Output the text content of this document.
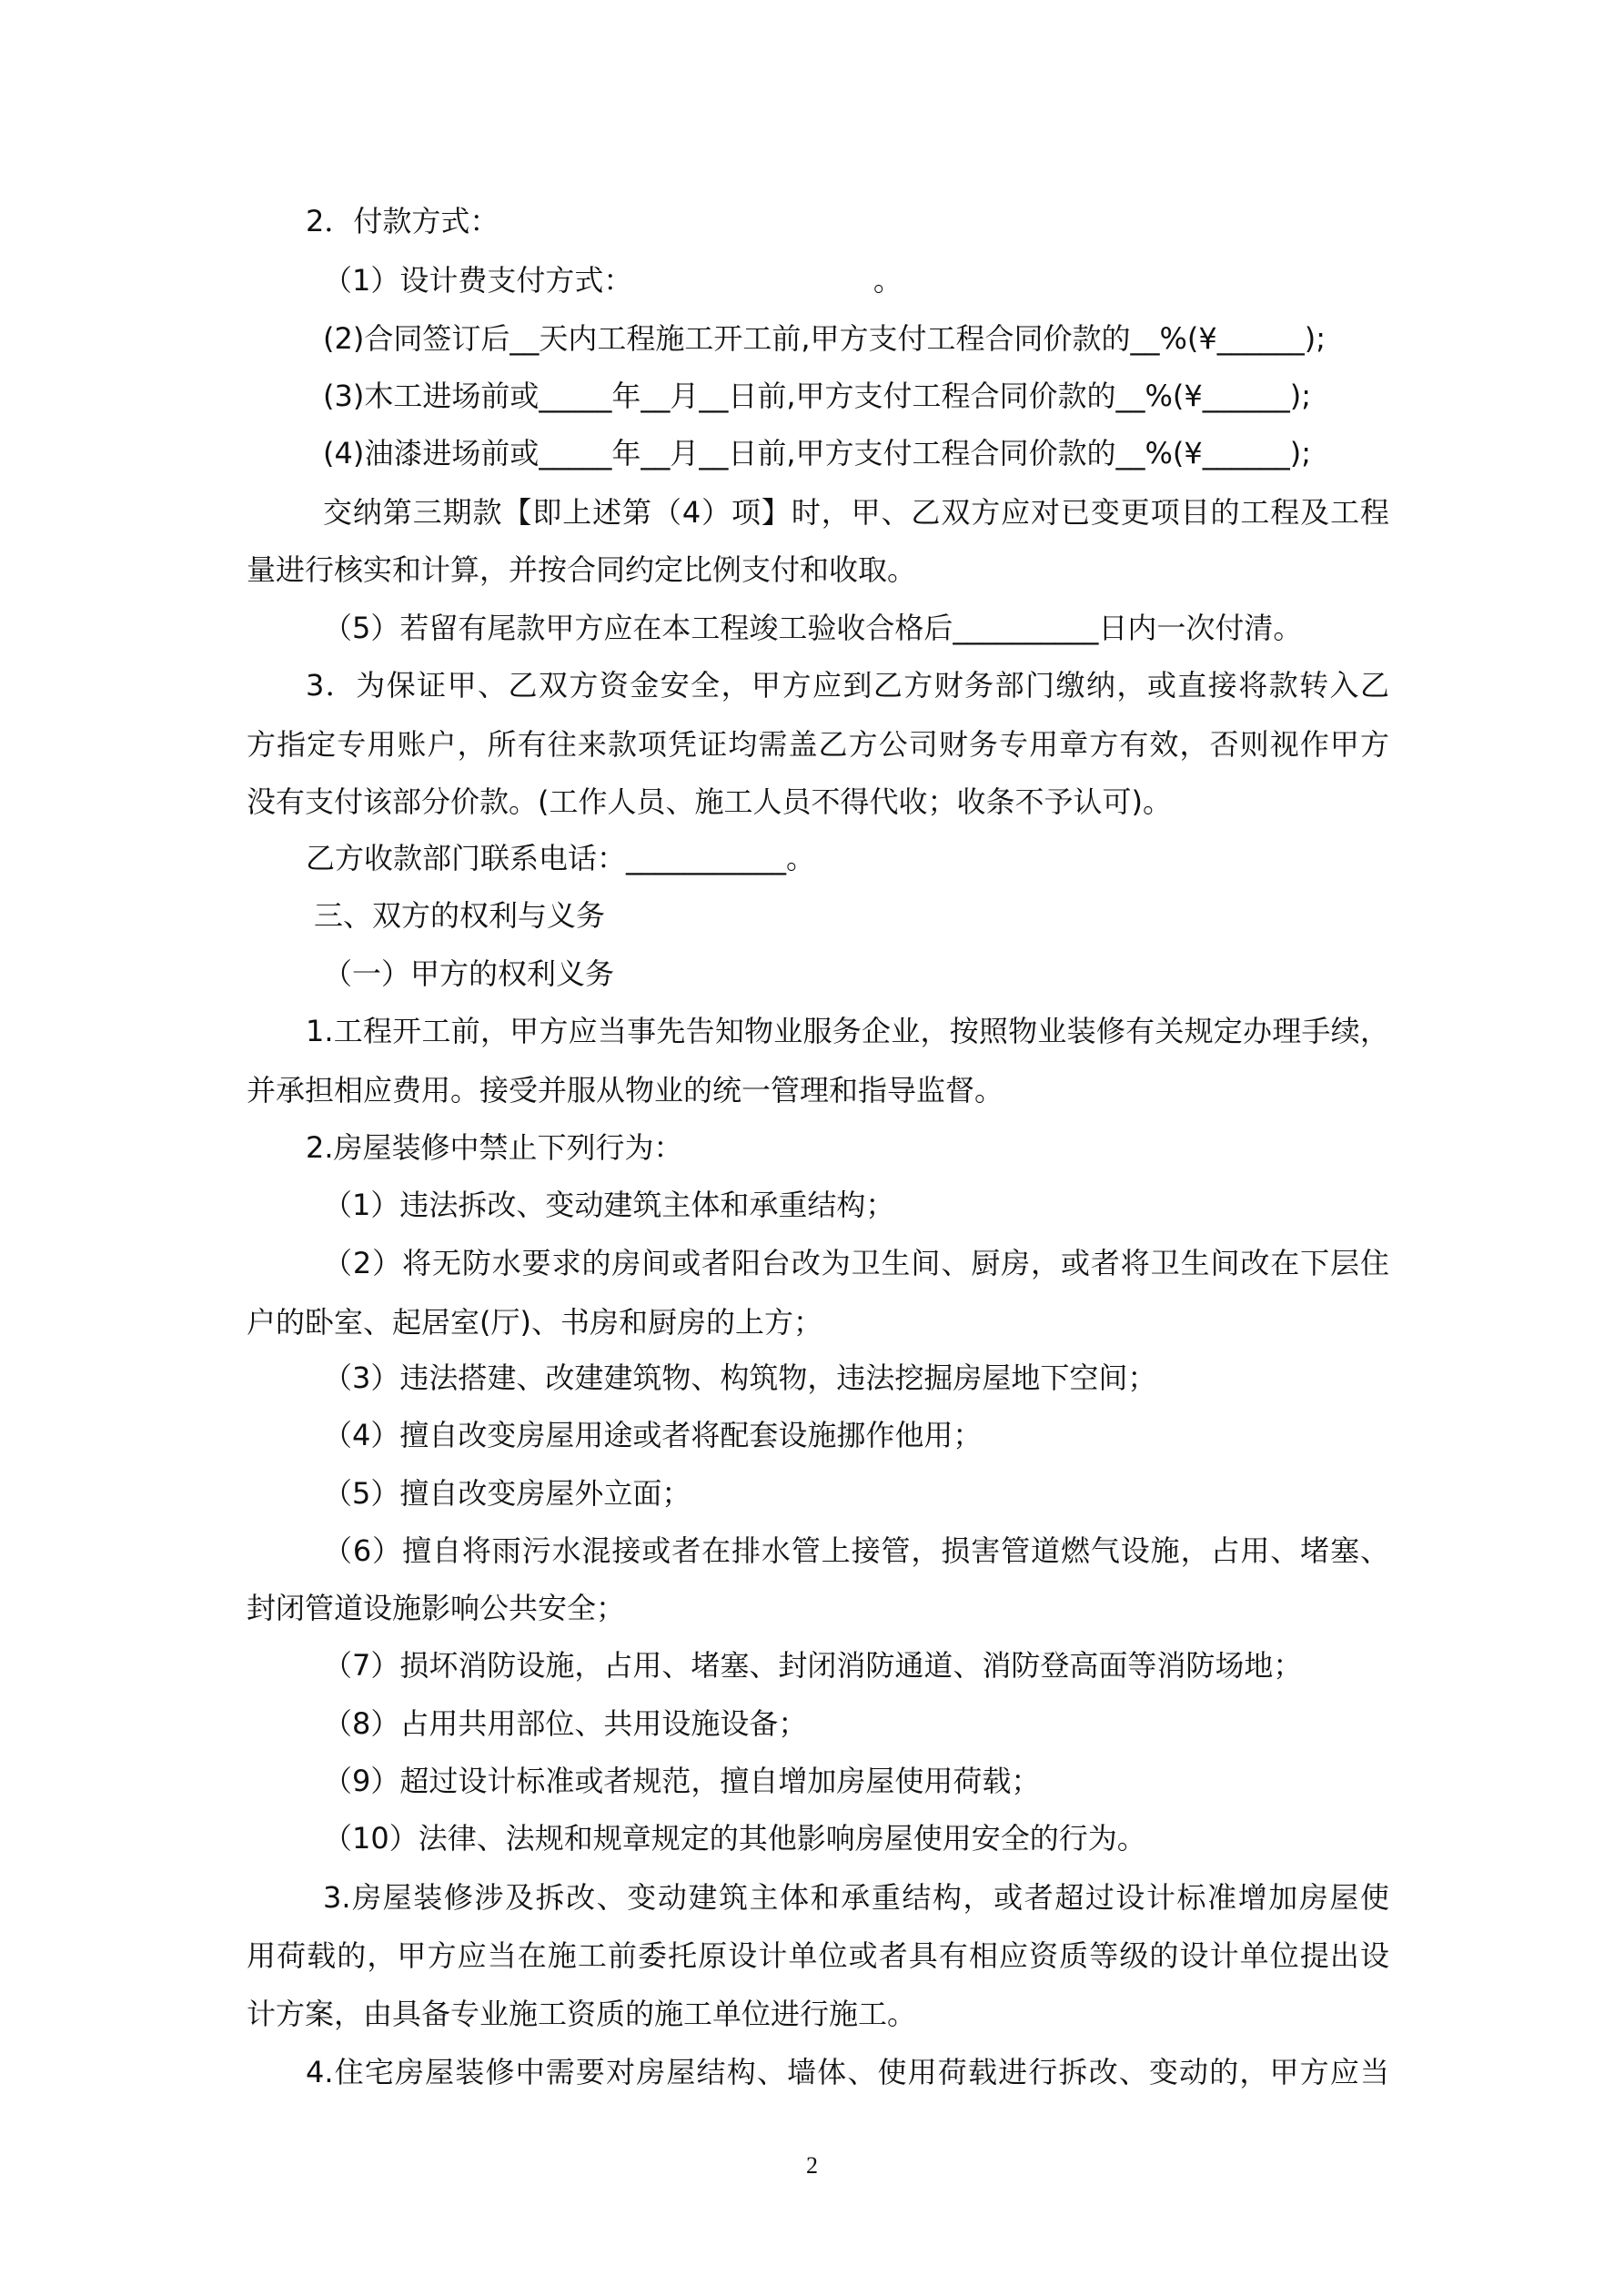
2．付款方式：
（1）设计费支付方式：                          。
(2)合同签订后__天内工程施工开工前,甲方支付工程合同价款的__%(¥______);
(3)木工进场前或_____年__月__日前,甲方支付工程合同价款的__%(¥______);
(4)油漆进场前或_____年__月__日前,甲方支付工程合同价款的__%(¥______);
交纳第三期款【即上述第（4）项】时，甲、乙双方应对已变更项目的工程及工程
量进行核实和计算，并按合同约定比例支付和收取。
（5）若留有尾款甲方应在本工程竣工验收合格后__________日内一次付清。
3．为保证甲、乙双方资金安全，甲方应到乙方财务部门缴纳，或直接将款转入乙
方指定专用账户，所有往来款项凭证均需盖乙方公司财务专用章方有效，否则视作甲方
没有支付该部分价款。(工作人员、施工人员不得代收；收条不予认可)。
乙方收款部门联系电话：___________。
三、双方的权利与义务
（一）甲方的权利义务
1.工程开工前，甲方应当事先告知物业服务企业，按照物业装修有关规定办理手续，
并承担相应费用。接受并服从物业的统一管理和指导监督。
2.房屋装修中禁止下列行为：
（1）违法拆改、变动建筑主体和承重结构；
（2）将无防水要求的房间或者阳台改为卫生间、厨房，或者将卫生间改在下层住
户的卧室、起居室(厅)、书房和厨房的上方；
（3）违法搭建、改建建筑物、构筑物，违法挖掘房屋地下空间；
（4）擅自改变房屋用途或者将配套设施挪作他用；
（5）擅自改变房屋外立面；
（6）擅自将雨污水混接或者在排水管上接管，损害管道燃气设施，占用、堵塞、
封闭管道设施影响公共安全；
（7）损坏消防设施，占用、堵塞、封闭消防通道、消防登高面等消防场地；
（8）占用共用部位、共用设施设备；
（9）超过设计标准或者规范，擅自增加房屋使用荷载；
（10）法律、法规和规章规定的其他影响房屋使用安全的行为。
3.房屋装修涉及拆改、变动建筑主体和承重结构，或者超过设计标准增加房屋使
用荷载的，甲方应当在施工前委托原设计单位或者具有相应资质等级的设计单位提出设
计方案，由具备专业施工资质的施工单位进行施工。
4.住宅房屋装修中需要对房屋结构、墙体、使用荷载进行拆改、变动的，甲方应当
2
